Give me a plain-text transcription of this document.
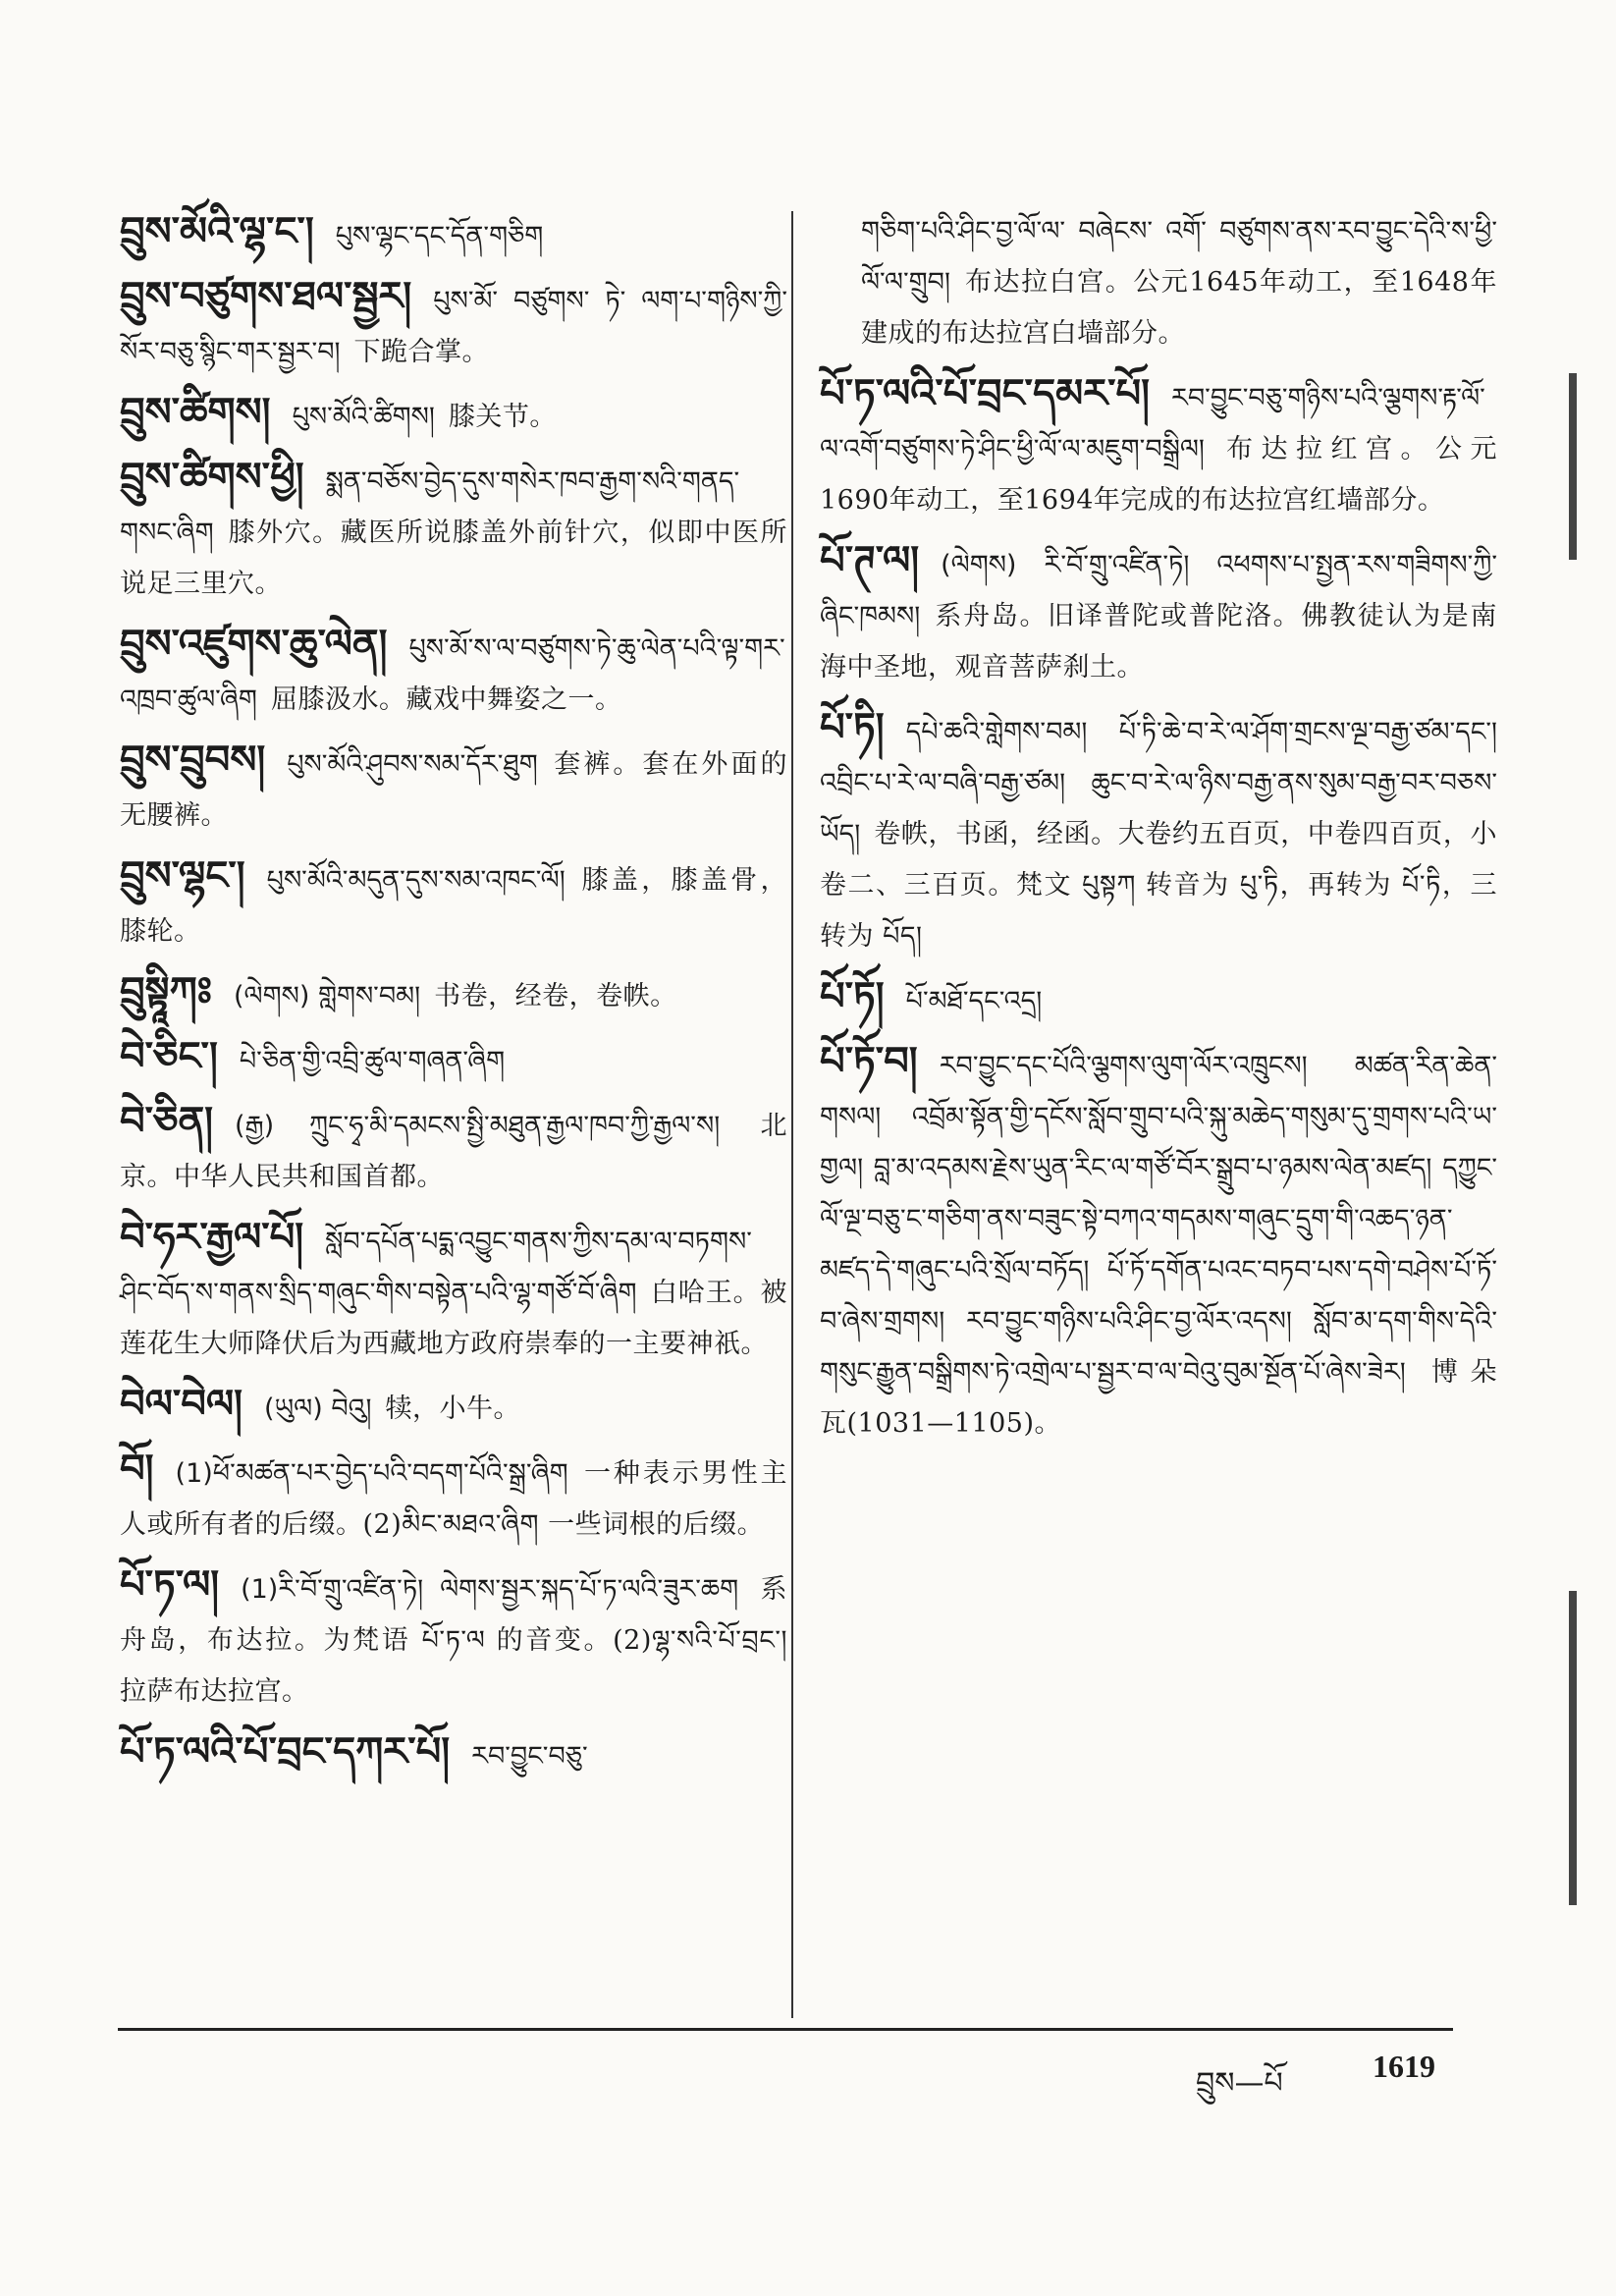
བྲུས་མོའི་ལྷ་ང་། པུས་ལྷང་དང་དོན་གཅིག

བྲུས་བཙུགས་ཐལ་སྦྱར། པུས་མོ་ བཙུགས་ ཏེ་ ལག་པ་གཉིས་ཀྱི་སོར་བཅུ་སྙིང་གར་སྦྱར་བ། 下跪合掌。

བྲུས་ཚིགས། པུས་མོའི་ཚིགས། 膝关节。

བྲུས་ཚིགས་ཕྱི། སྨན་བཅོས་བྱེད་དུས་གསེར་ཁབ་རྒྱག་སའི་གནད་གསང་ཞིག 膝外穴。藏医所说膝盖外前针穴，似即中医所说足三里穴。

བྲུས་འཛུགས་ཆུ་ལེན། པུས་མོ་ས་ལ་བཙུགས་ཏེ་ཆུ་ལེན་པའི་ལྟ་གར་འཁྲབ་ཚུལ་ཞིག 屈膝汲水。藏戏中舞姿之一。

བྲུས་བྲུབས། པུས་མོའི་ཤུབས་སམ་དོར་ཐུག 套裤。套在外面的无腰裤。

བྲུས་ལྷང་། པུས་མོའི་མདུན་དུས་སམ་འཁང་ལོ། 膝盖，膝盖骨，膝轮。

བྲུསྟཱིཀཿ (ལེགས) གླེགས་བམ། 书卷，经卷，卷帙。

བེ་ཅིང་། པེ་ཅིན་གྱི་འབྲི་ཚུལ་གཞན་ཞིག

བེ་ཅིན། (རྒྱ) ཀྲུང་ཧྭ་མི་དམངས་སྤྱི་མཐུན་རྒྱལ་ཁབ་ཀྱི་རྒྱལ་ས། 北京。中华人民共和国首都。

བེ་ཧར་རྒྱལ་པོ། སློབ་དཔོན་པདྨ་འབྱུང་གནས་ཀྱིས་དམ་ལ་བཏགས་ཤིང་བོད་ས་གནས་སྲིད་གཞུང་གིས་བསྟེན་པའི་ལྷ་གཙོ་བོ་ཞིག 白哈王。被莲花生大师降伏后为西藏地方政府崇奉的一主要神祇。

བེལ་བེལ། (ཡུལ) བེའུ། 犊，小牛。

བོ། (1)ཕོ་མཚན་པར་བྱེད་པའི་བདག་པོའི་སྒྲ་ཞིག 一种表示男性主人或所有者的后缀。(2)མིང་མཐའ་ཞིག 一些词根的后缀。

པོ་ཏ་ལ། (1)རི་བོ་གྲུ་འཛིན་ཏེ། ལེགས་སྦྱར་སྐད་པོ་ཏ་ལའི་ཟུར་ཆག 系舟岛，布达拉。为梵语 པོ་ཏ་ལ 的音变。(2)ལྷ་སའི་པོ་བྲང་། 拉萨布达拉宫。

པོ་ཏ་ལའི་པོ་བྲང་དཀར་པོ། རབ་བྱུང་བཅུ་

གཅིག་པའི་ཤིང་བྱ་ལོ་ལ་ བཞེངས་ འགོ་ བཙུགས་ནས་རབ་བྱུང་དེའི་ས་ཕྱི་ལོ་ལ་གྲུབ། 布达拉白宫。公元1645年动工，至1648年建成的布达拉宫白墙部分。

པོ་ཏ་ལའི་པོ་བྲང་དམར་པོ། རབ་བྱུང་བཅུ་གཉིས་པའི་ལྕགས་རྟ་ལོ་ལ་འགོ་བཙུགས་ཏེ་ཤིང་ཕྱི་ལོ་ལ་མཇུག་བསྒྲིལ། 布达拉红宫。公元1690年动工，至1694年完成的布达拉宫红墙部分。

པོ་ཊ་ལ། (ལེགས) རི་བོ་གྲུ་འཛིན་ཏེ། འཕགས་པ་སྤྱན་རས་གཟིགས་ཀྱི་ཞིང་ཁམས། 系舟岛。旧译普陀或普陀洛。佛教徒认为是南海中圣地，观音菩萨刹土。

པོ་ཏི། དཔེ་ཆའི་གླེགས་བམ། པོ་ཏི་ཆེ་བ་རེ་ལ་ཤོག་གྲངས་ལྔ་བརྒྱ་ཙམ་དང་། འབྲིང་པ་རེ་ལ་བཞི་བརྒྱ་ཙམ། ཆུང་བ་རེ་ལ་ཉིས་བརྒྱ་ནས་སུམ་བརྒྱ་བར་བཅས་ཡོད། 卷帙，书函，经函。大卷约五百页，中卷四百页，小卷二、三百页。梵文 པུསྟཀ 转音为 པུ་ཏི，再转为 པོ་ཏི，三转为 པོད།

པོ་ཏོ། པོ་མཐོ་དང་འདྲ།

པོ་ཏོ་བ། རབ་བྱུང་དང་པོའི་ལྕགས་ལུག་ལོར་འཁྲུངས། མཚན་རིན་ཆེན་གསལ། འབྲོམ་སྟོན་གྱི་དངོས་སློབ་གྲུབ་པའི་སྐུ་མཆེད་གསུམ་དུ་གྲགས་པའི་ཡ་གྱལ། བླ་མ་འདམས་རྗེས་ཡུན་རིང་ལ་གཙོ་བོར་སྒྲུབ་པ་ཉམས་ལེན་མཛད། དཀྱུང་ལོ་ལྔ་བཅུ་ང་གཅིག་ནས་བཟུང་སྟེ་བཀའ་གདམས་གཞུང་དྲུག་གི་འཆད་ཉན་མཛད་དེ་གཞུང་པའི་སྲོལ་བཏོད། པོ་ཏོ་དགོན་པའང་བཏབ་པས་དགེ་བཤེས་པོ་ཏོ་བ་ཞེས་གྲགས། རབ་བྱུང་གཉིས་པའི་ཤིང་བྱ་ལོར་འདས། སློབ་མ་དག་གིས་དེའི་གསུང་རྒྱུན་བསྒྲིགས་ཏེ་འགྲེལ་པ་སྦྱར་བ་ལ་བེའུ་བུམ་སྔོན་པོ་ཞེས་ཟེར། 博朵瓦(1031—1105)。

བྲུས—པོ	1619
